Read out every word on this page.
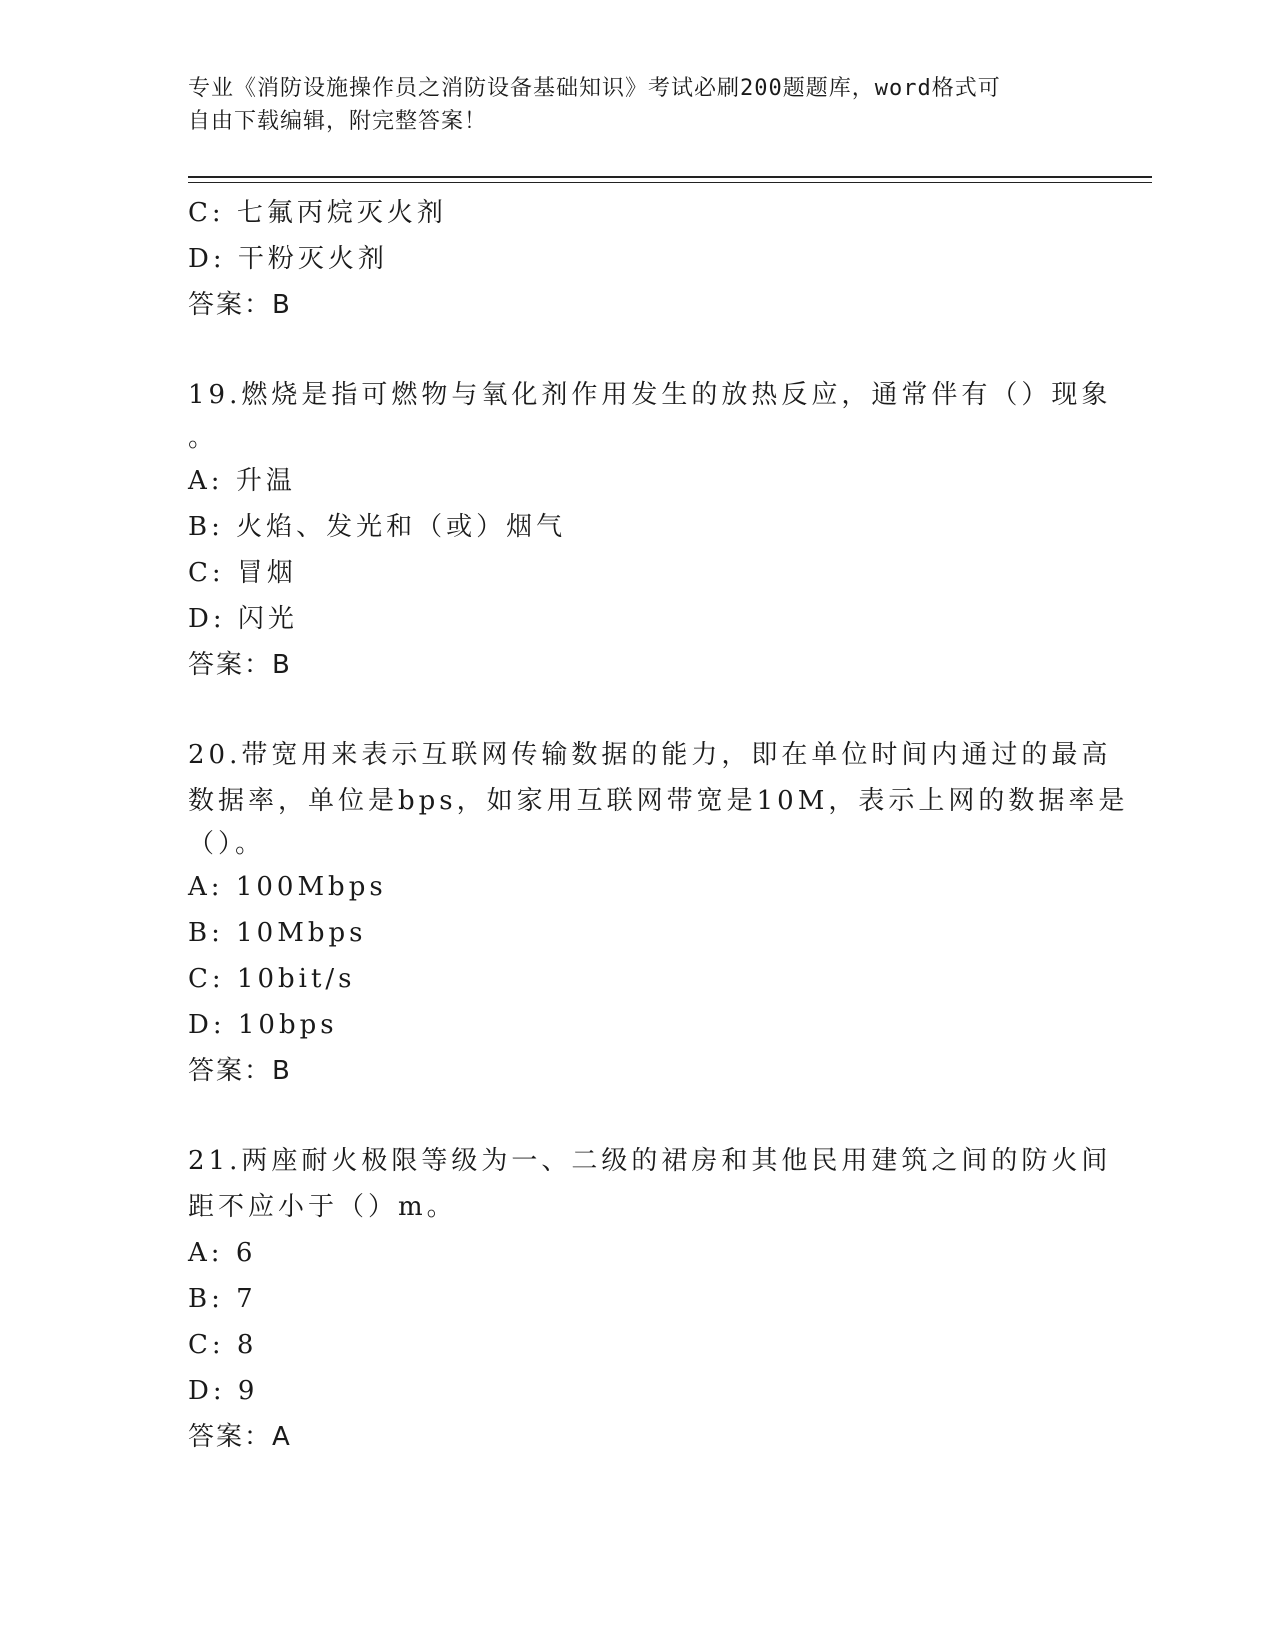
专业《消防设施操作员之消防设备基础知识》考试必刷200题题库，word格式可
自由下载编辑，附完整答案！
C: 七氟丙烷灭火剂
D: 干粉灭火剂
答案：B
19.燃烧是指可燃物与氧化剂作用发生的放热反应，通常伴有（）现象
。
A: 升温
B: 火焰、发光和（或）烟气
C: 冒烟
D: 闪光
答案：B
20.带宽用来表示互联网传输数据的能力，即在单位时间内通过的最高
数据率，单位是bps，如家用互联网带宽是10M，表示上网的数据率是
（）。
A: 100Mbps
B: 10Mbps
C: 10bit/s
D: 10bps
答案：B
21.两座耐火极限等级为一、二级的裙房和其他民用建筑之间的防火间
距不应小于（）m。
A: 6
B: 7
C: 8
D: 9
答案：A
